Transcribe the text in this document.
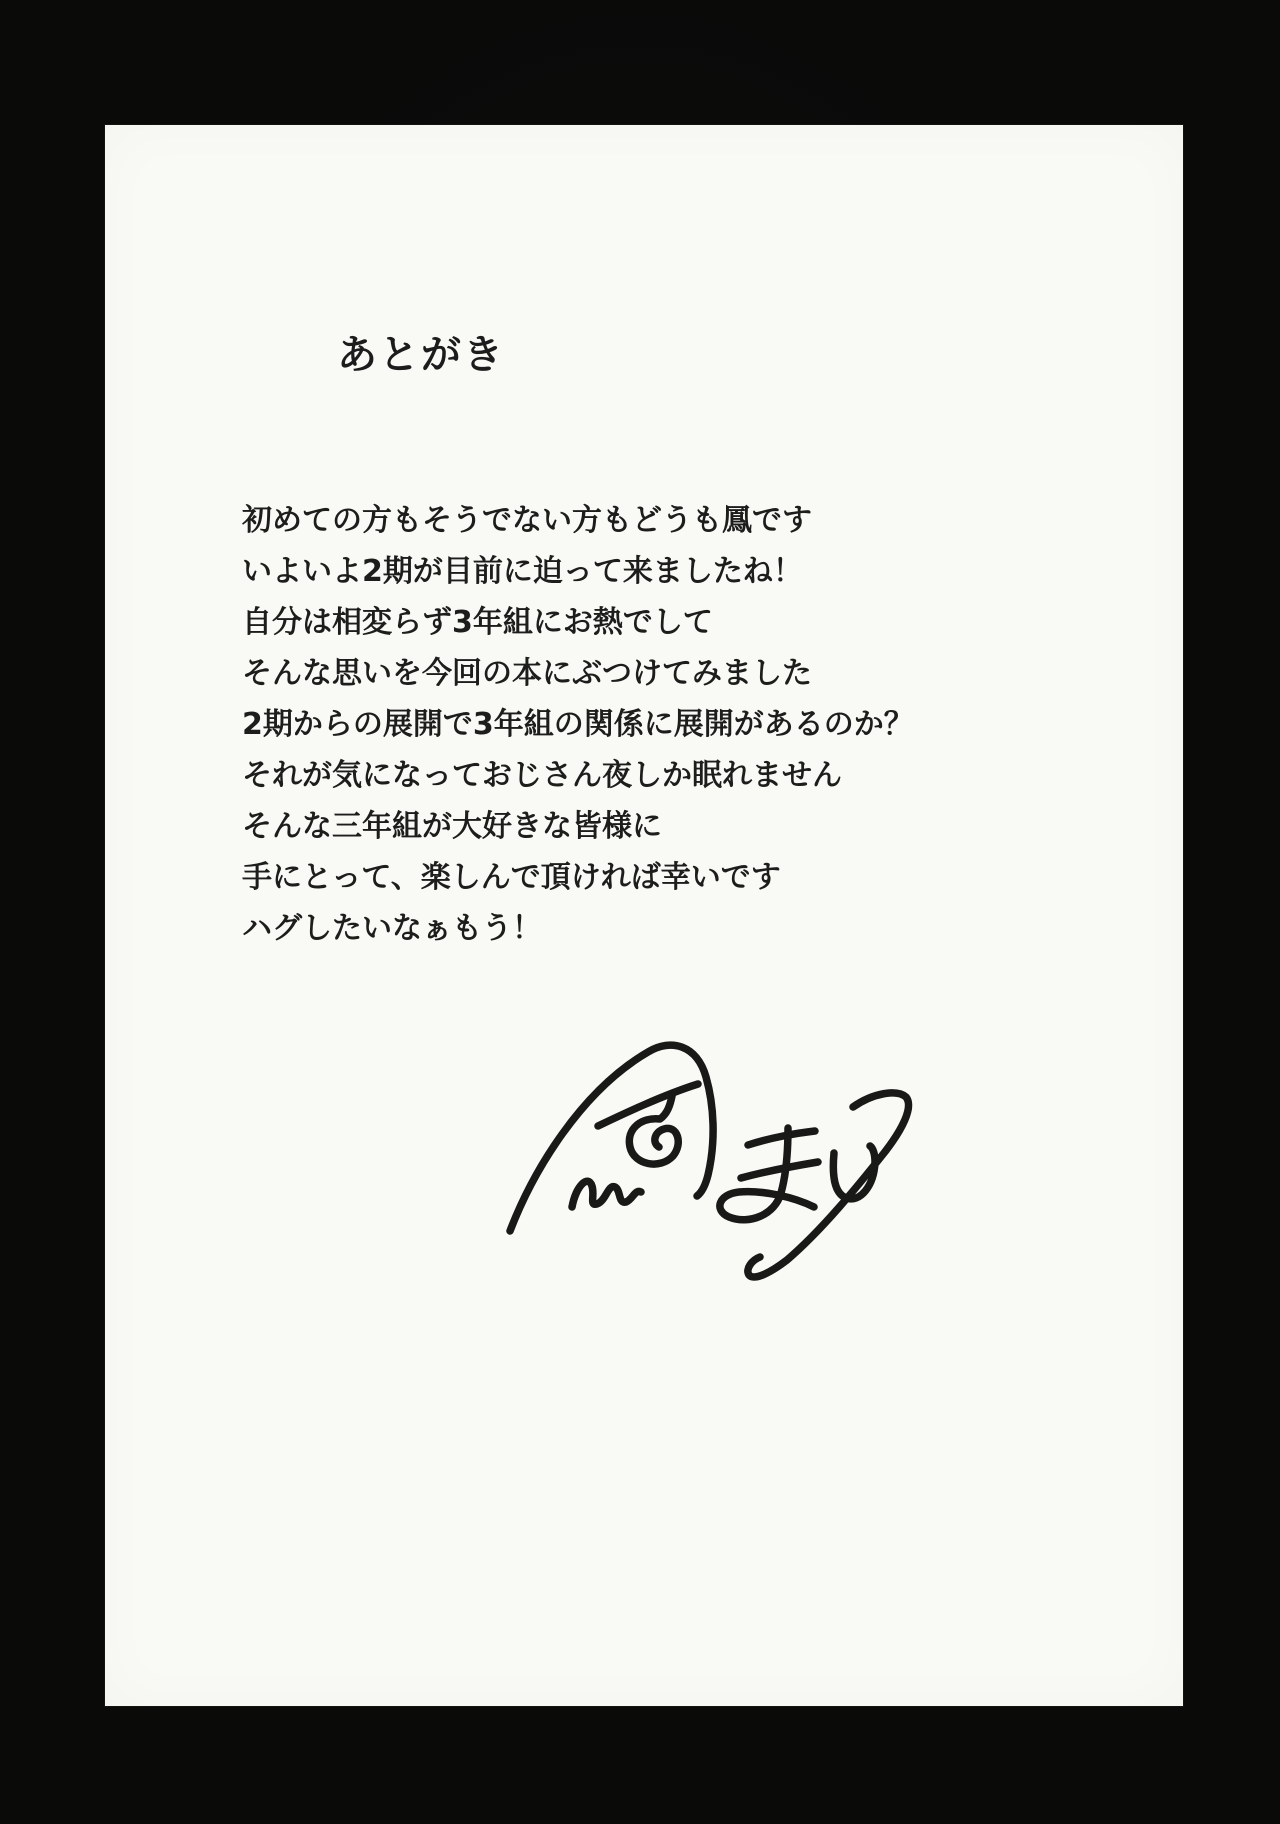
あとがき
初めての方もそうでない方もどうも鳳です
いよいよ2期が目前に迫って来ましたね！
自分は相変らず3年組にお熱でして
そんな思いを今回の本にぶつけてみました
2期からの展開で3年組の関係に展開があるのか？
それが気になっておじさん夜しか眠れません
そんな三年組が大好きな皆様に
手にとって、楽しんで頂ければ幸いです
ハグしたいなぁもう！
